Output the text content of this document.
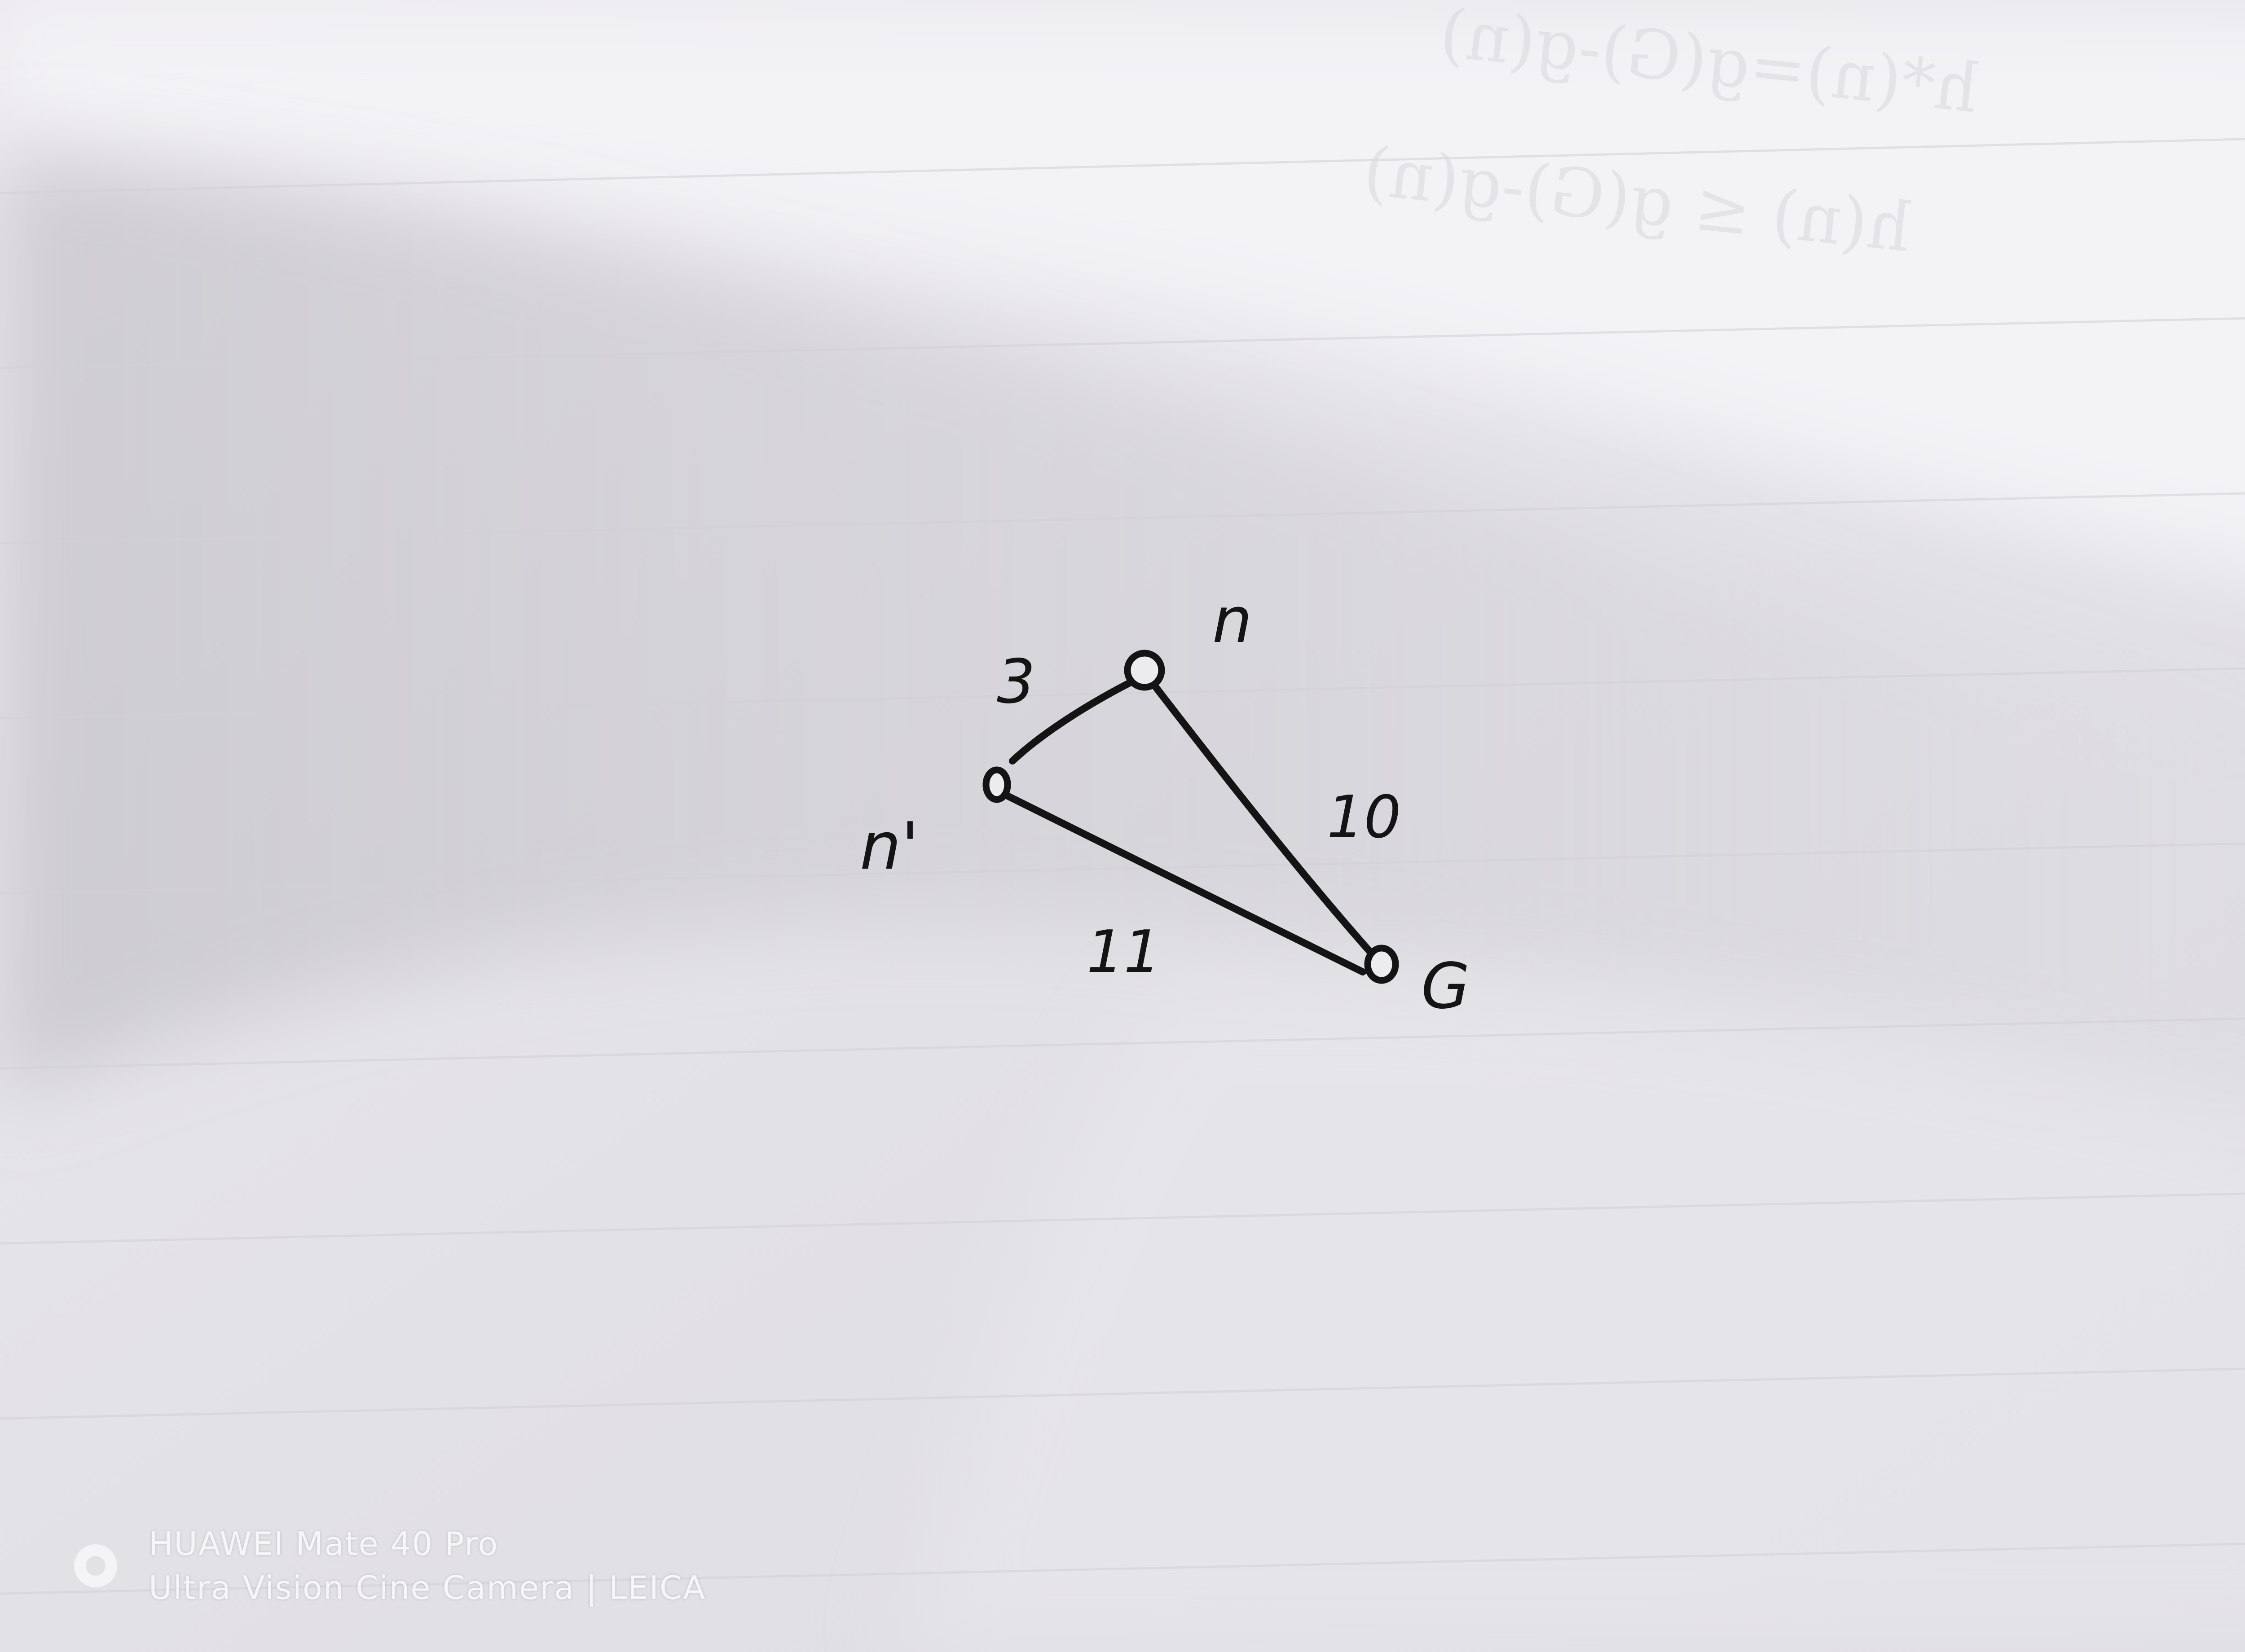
h*(n)=g(G)-g(n)
h(n) ≤ g(G)-g(n)
n
n'
G
3
10
11
HUAWEI Mate 40 Pro
Ultra Vision Cine Camera | LEICA
